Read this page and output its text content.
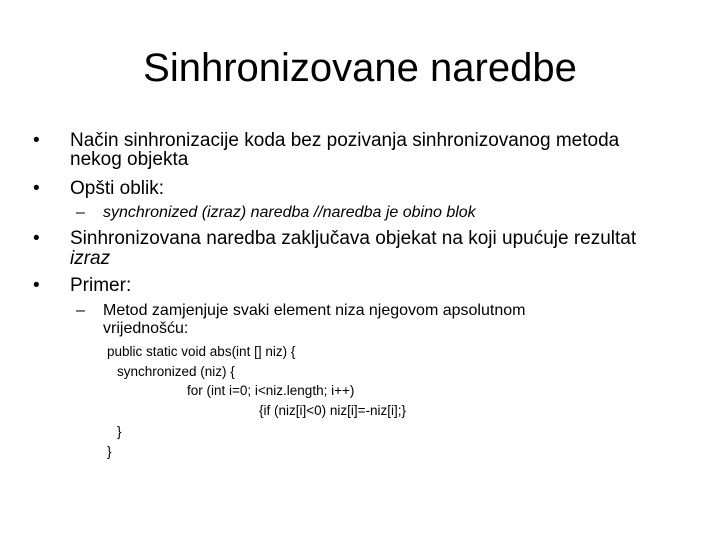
Sinhronizovane naredbe
• Način sinhronizacije koda bez pozivanja sinhronizovanog metoda
nekog objekta
• Opšti oblik:
– synchronized (izraz) naredba //naredba je obino blok
• Sinhronizovana naredba zaključava objekat na koji upućuje rezultat
izraz
• Primer:
– Metod zamjenjuje svaki element niza njegovom apsolutnom
vrijednošću:
public static void abs(int [] niz) {
synchronized (niz) {
for (int i=0; i<niz.length; i++)
{if (niz[i]<0) niz[i]=-niz[i];}
}
}
